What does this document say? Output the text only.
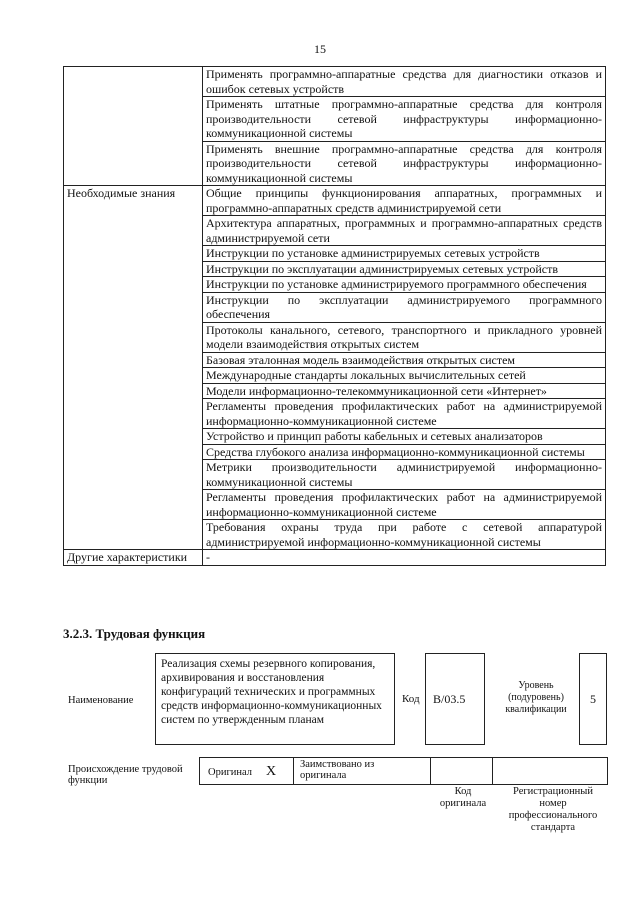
15
	Применять программно-аппаратные средства для диагностики отказов и ошибок сетевых устройств
	Применять штатные программно-аппаратные средства для контроля производительности сетевой инфраструктуры информационно-коммуникационной системы
	Применять внешние программно-аппаратные средства для контроля производительности сетевой инфраструктуры информационно-коммуникационной системы
Необходимые знания	Общие принципы функционирования аппаратных, программных и программно-аппаратных средств администрируемой сети
	Архитектура аппаратных, программных и программно-аппаратных средств администрируемой сети
	Инструкции по установке администрируемых сетевых устройств
	Инструкции по эксплуатации администрируемых сетевых устройств
	Инструкции по установке администрируемого программного обеспечения
	Инструкции по эксплуатации администрируемого программного обеспечения
	Протоколы канального, сетевого, транспортного и прикладного уровней модели взаимодействия открытых систем
	Базовая эталонная модель взаимодействия открытых систем
	Международные стандарты локальных вычислительных сетей
	Модели информационно-телекоммуникационной сети «Интернет»
	Регламенты проведения профилактических работ на администрируемой информационно-коммуникационной системе
	Устройство и принцип работы кабельных и сетевых анализаторов
	Средства глубокого анализа информационно-коммуникационной системы
	Метрики производительности администрируемой информационно-коммуникационной системы
	Регламенты проведения профилактических работ на администрируемой информационно-коммуникационной системе
	Требования охраны труда при работе с сетевой аппаратурой администрируемой информационно-коммуникационной системы
Другие характеристики	-
3.2.3. Трудовая функция
Наименование
Реализация схемы резервного копирования, архивирования и восстановления конфигураций технических и программных средств информационно-коммуникационных систем по утвержденным планам
Код	B/03.5
Уровень (подуровень) квалификации
5
Происхождение трудовой функции
Оригинал X Заимствовано из оригинала
Код оригинала
Регистрационный номер профессионального стандарта
